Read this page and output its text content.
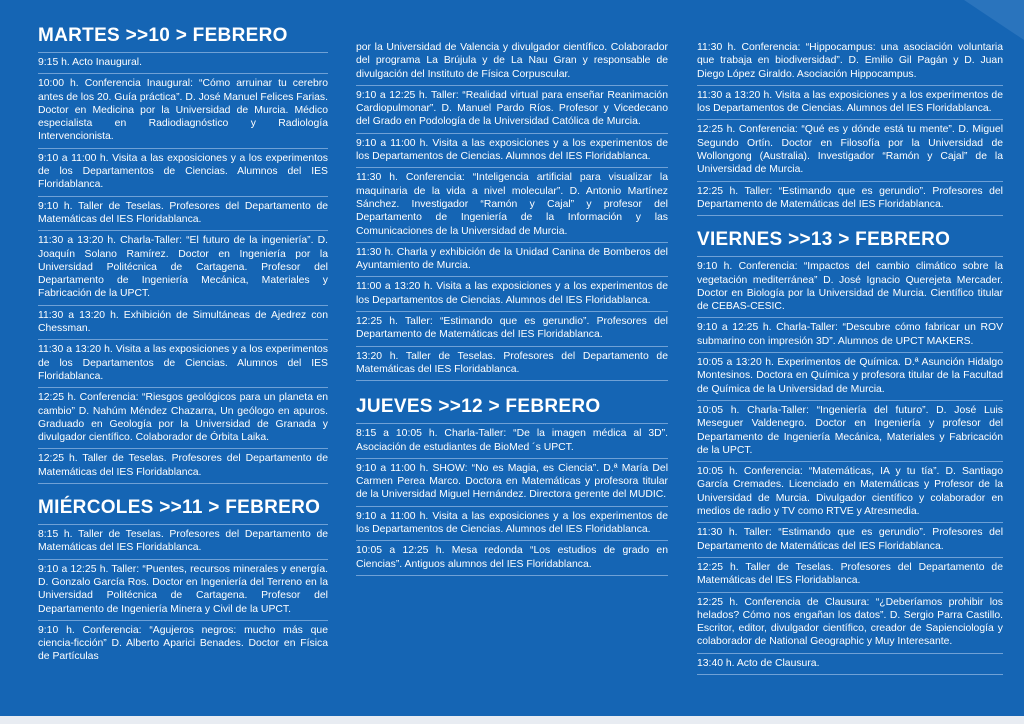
MARTES >>10 > FEBRERO
9:15 h. Acto Inaugural.
10:00 h. Conferencia Inaugural: “Cómo arruinar tu cerebro antes de los 20. Guía práctica”. D. José Manuel Felices Farias. Doctor en Medicina por la Universidad de Murcia. Médico especialista en Radiodiagnóstico y Radiología Intervencionista.
9:10 a 11:00 h. Visita a las exposiciones y a los experimentos de los Departamentos de Ciencias. Alumnos del IES Floridablanca.
9:10 h. Taller de Teselas. Profesores del Departamento de Matemáticas del IES Floridablanca.
11:30 a 13:20 h. Charla-Taller: “El futuro de la ingeniería”. D. Joaquín Solano Ramírez. Doctor en Ingeniería por la Universidad Politécnica de Cartagena. Profesor del Departamento de Ingeniería Mecánica, Materiales y Fabricación de la UPCT.
11:30 a 13:20 h. Exhibición de Simultáneas de Ajedrez con Chessman.
11:30 a 13:20 h. Visita a las exposiciones y a los experimentos de los Departamentos de Ciencias. Alumnos del IES Floridablanca.
12:25 h. Conferencia: “Riesgos geológicos para un planeta en cambio” D. Nahúm Méndez Chazarra, Un geólogo en apuros. Graduado en Geología por la Universidad de Granada y divulgador científico. Colaborador de Órbita Laika.
12:25 h. Taller de Teselas. Profesores del Departamento de Matemáticas del IES Floridablanca.
MIÉRCOLES >>11 > FEBRERO
8:15 h. Taller de Teselas. Profesores del Departamento de Matemáticas del IES Floridablanca.
9:10 a 12:25 h. Taller: “Puentes, recursos minerales y energía. D. Gonzalo García Ros. Doctor en Ingeniería del Terreno en la Universidad Politécnica de Cartagena. Profesor del Departamento de Ingeniería Minera y Civil de la UPCT.
9:10 h. Conferencia: “Agujeros negros: mucho más que ciencia-ficción” D. Alberto Aparici Benades. Doctor en Física de Partículas
por la Universidad de Valencia y divulgador científico. Colaborador del programa La Brújula y de La Nau Gran y responsable de divulgación del Instituto de Física Corpuscular.
9:10 a 12:25 h. Taller: “Realidad virtual para enseñar Reanimación Cardiopulmonar”. D. Manuel Pardo Ríos. Profesor y Vicedecano del Grado en Podología de la Universidad Católica de Murcia.
9:10 a 11:00 h. Visita a las exposiciones y a los experimentos de los Departamentos de Ciencias. Alumnos del IES Floridablanca.
11:30 h. Conferencia: “Inteligencia artificial para visualizar la maquinaria de la vida a nivel molecular”. D. Antonio Martínez Sánchez. Investigador “Ramón y Cajal” y profesor del Departamento de Ingeniería de la Información y las Comunicaciones de la Universidad de Murcia.
11:30 h. Charla y exhibición de la Unidad Canina de Bomberos del Ayuntamiento de Murcia.
11:00 a 13:20 h. Visita a las exposiciones y a los experimentos de los Departamentos de Ciencias. Alumnos del IES Floridablanca.
12:25 h. Taller: “Estimando que es gerundio”. Profesores del Departamento de Matemáticas del IES Floridablanca.
13:20 h. Taller de Teselas. Profesores del Departamento de Matemáticas del IES Floridablanca.
JUEVES >>12 > FEBRERO
8:15 a 10:05 h. Charla-Taller: “De la imagen médica al 3D”. Asociación de estudiantes de BioMed ´s UPCT.
9:10 a 11:00 h. SHOW: “No es Magia, es Ciencia”. D.ª María Del Carmen Perea Marco. Doctora en Matemáticas y profesora titular de la Universidad Miguel Hernández. Directora gerente del MUDIC.
9:10 a 11:00 h. Visita a las exposiciones y a los experimentos de los Departamentos de Ciencias. Alumnos del IES Floridablanca.
10:05 a 12:25 h. Mesa redonda “Los estudios de grado en Ciencias”. Antiguos alumnos del IES Floridablanca.
11:30 h. Conferencia: “Hippocampus: una asociación voluntaria que trabaja en biodiversidad”. D. Emilio Gil Pagán y D. Juan Diego López Giraldo. Asociación Hippocampus.
11:30 a 13:20 h. Visita a las exposiciones y a los experimentos de los Departamentos de Ciencias. Alumnos del IES Floridablanca.
12:25 h. Conferencia: “Qué es y dónde está tu mente”. D. Miguel Segundo Ortín. Doctor en Filosofía por la Universidad de Wollongong (Australia). Investigador “Ramón y Cajal” de la Universidad de Murcia.
12:25 h. Taller: “Estimando que es gerundio”. Profesores del Departamento de Matemáticas del IES Floridablanca.
VIERNES >>13 > FEBRERO
9:10 h. Conferencia: “Impactos del cambio climático sobre la vegetación mediterránea” D. José Ignacio Querejeta Mercader. Doctor en Biología por la Universidad de Murcia. Científico titular de CEBAS-CESIC.
9:10 a 12:25 h. Charla-Taller: “Descubre cómo fabricar un ROV submarino con impresión 3D”. Alumnos de UPCT MAKERS.
10:05 a 13:20 h. Experimentos de Química. D.ª Asunción Hidalgo Montesinos. Doctora en Química y profesora titular de la Facultad de Química de la Universidad de Murcia.
10:05 h. Charla-Taller: “Ingeniería del futuro”. D. José Luis Meseguer Valdenegro. Doctor en Ingeniería y profesor del Departamento de Ingeniería Mecánica, Materiales y Fabricación de la UPCT.
10:05 h. Conferencia: “Matemáticas, IA y tu tía”. D. Santiago García Cremades. Licenciado en Matemáticas y Profesor de la Universidad de Murcia. Divulgador científico y colaborador en medios de radio y TV como RTVE y Atresmedia.
11:30 h. Taller: “Estimando que es gerundio”. Profesores del Departamento de Matemáticas del IES Floridablanca.
12:25 h. Taller de Teselas. Profesores del Departamento de Matemáticas del IES Floridablanca.
12:25 h. Conferencia de Clausura: “¿Deberíamos prohibir los helados? Cómo nos engañan los datos”. D. Sergio Parra Castillo. Escritor, editor, divulgador científico, creador de Sapienciología y colaborador de National Geographic y Muy Interesante.
13:40 h. Acto de Clausura.
